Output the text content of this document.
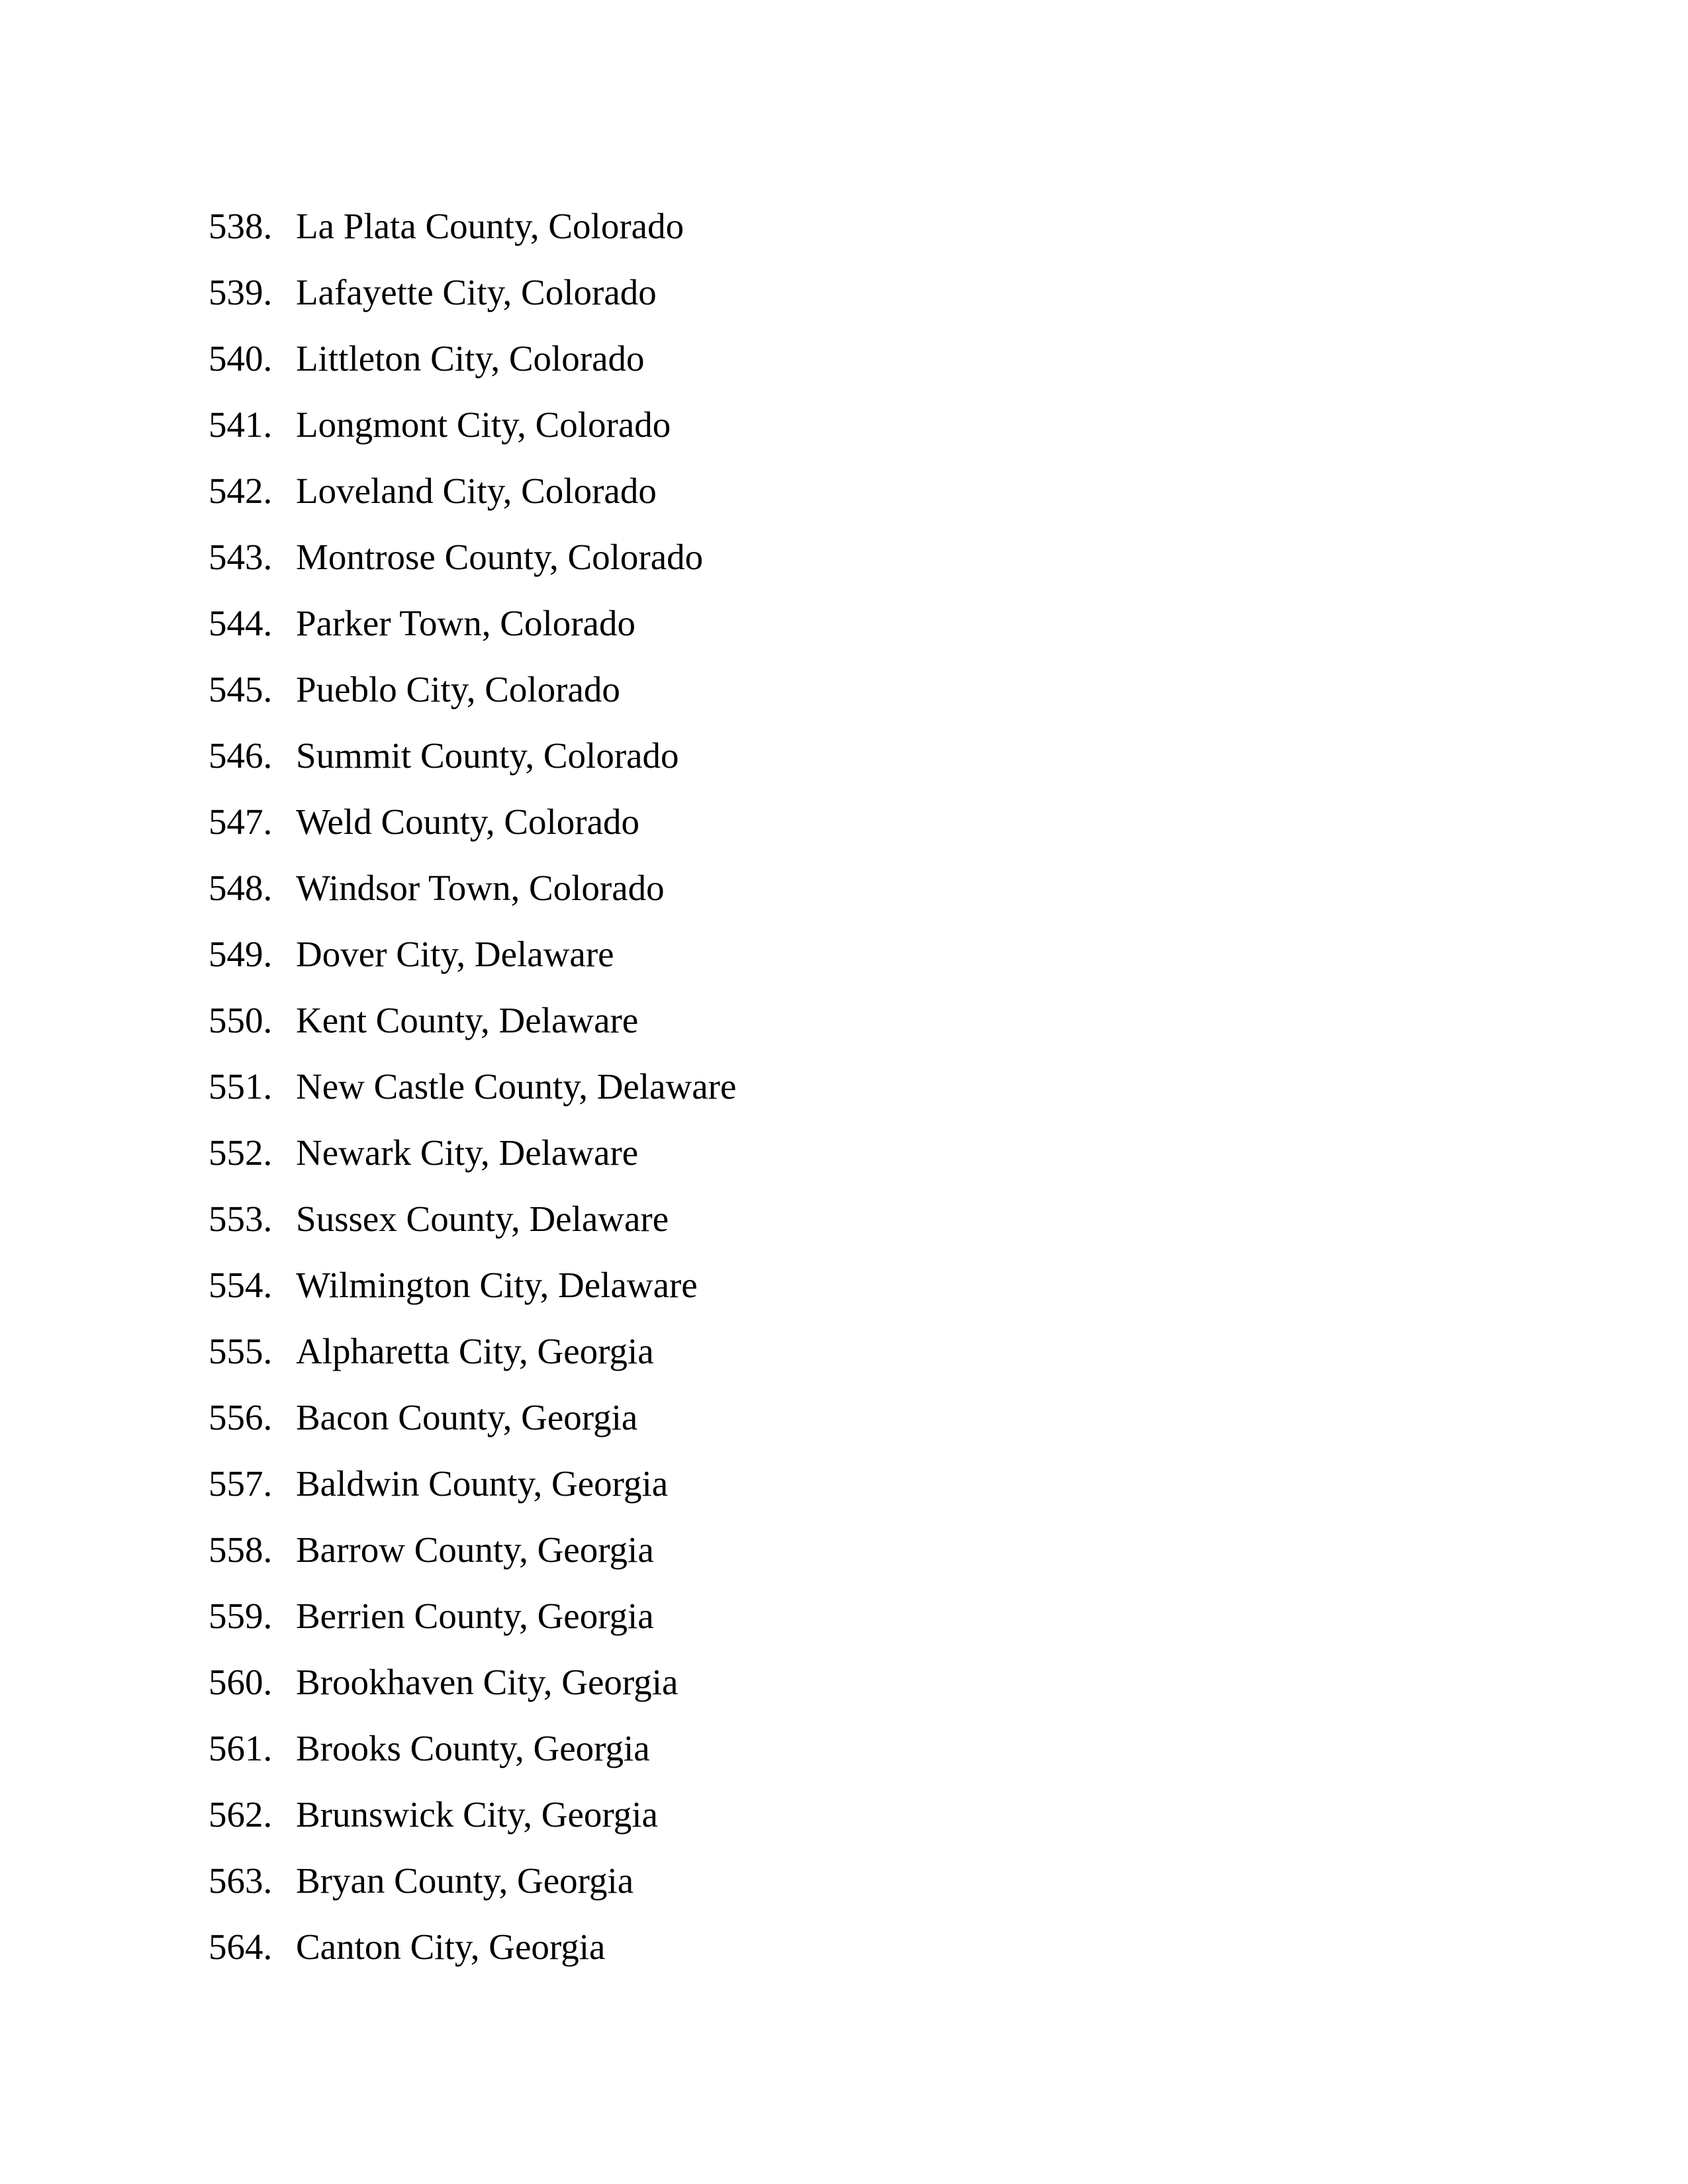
538. La Plata County, Colorado
539. Lafayette City, Colorado
540. Littleton City, Colorado
541. Longmont City, Colorado
542. Loveland City, Colorado
543. Montrose County, Colorado
544. Parker Town, Colorado
545. Pueblo City, Colorado
546. Summit County, Colorado
547. Weld County, Colorado
548. Windsor Town, Colorado
549. Dover City, Delaware
550. Kent County, Delaware
551. New Castle County, Delaware
552. Newark City, Delaware
553. Sussex County, Delaware
554. Wilmington City, Delaware
555. Alpharetta City, Georgia
556. Bacon County, Georgia
557. Baldwin County, Georgia
558. Barrow County, Georgia
559. Berrien County, Georgia
560. Brookhaven City, Georgia
561. Brooks County, Georgia
562. Brunswick City, Georgia
563. Bryan County, Georgia
564. Canton City, Georgia
